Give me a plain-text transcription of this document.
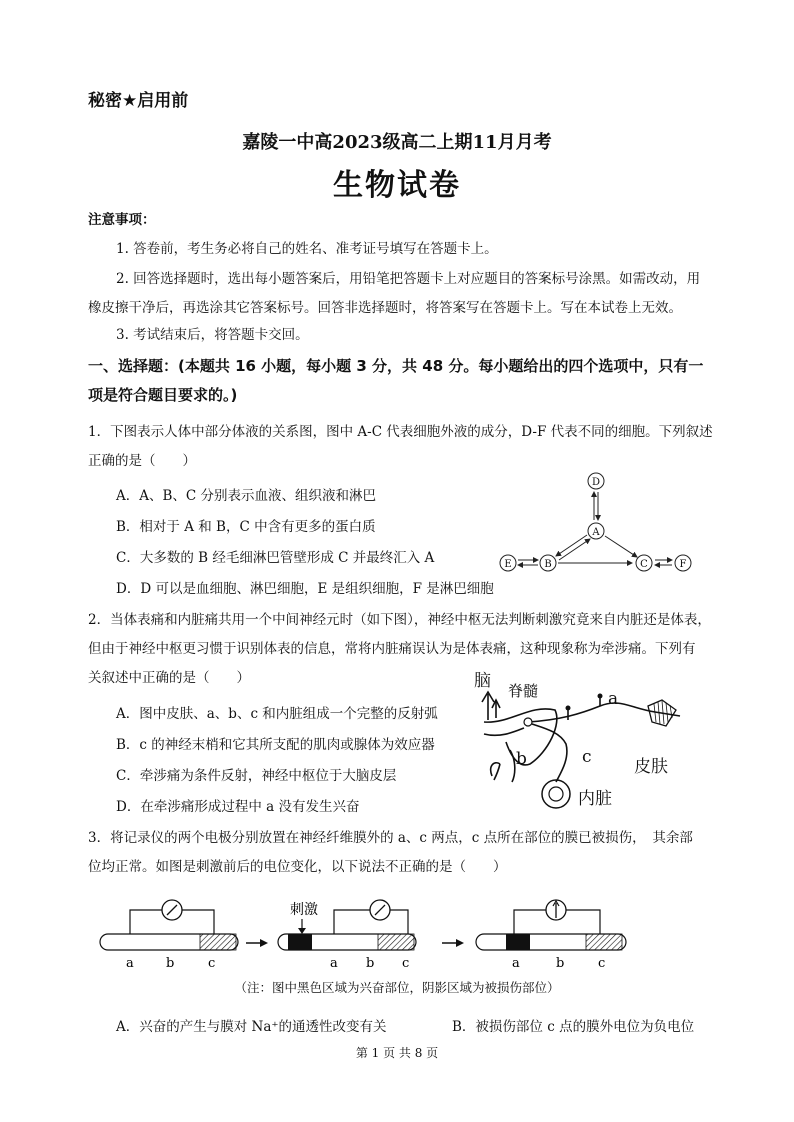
秘密★启用前
嘉陵一中高2023级高二上期11月月考
生物试卷
注意事项：
1. 答卷前，考生务必将自己的姓名、准考证号填写在答题卡上。
2. 回答选择题时，选出每小题答案后，用铅笔把答题卡上对应题目的答案标号涂黑。如需改动，用
橡皮擦干净后，再选涂其它答案标号。回答非选择题时，将答案写在答题卡上。写在本试卷上无效。
3. 考试结束后，将答题卡交回。
一、选择题：(本题共 16 小题，每小题 3 分，共 48 分。每小题给出的四个选项中，只有一
项是符合题目要求的。)
1．下图表示人体中部分体液的关系图，图中 A-C 代表细胞外液的成分，D-F 代表不同的细胞。下列叙述
正确的是（　　）
A．A、B、C 分别表示血液、组织液和淋巴
B．相对于 A 和 B，C 中含有更多的蛋白质
C．大多数的 B 经毛细淋巴管壁形成 C 并最终汇入 A
D．D 可以是血细胞、淋巴细胞，E 是组织细胞，F 是淋巴细胞
D
A
E	B	C	F
2．当体表痛和内脏痛共用一个中间神经元时（如下图），神经中枢无法判断刺激究竟来自内脏还是体表，
但由于神经中枢更习惯于识别体表的信息，常将内脏痛误认为是体表痛，这种现象称为牵涉痛。下列有
关叙述中正确的是（　　）
A．图中皮肤、a、b、c 和内脏组成一个完整的反射弧
B．c 的神经末梢和它其所支配的肌肉或腺体为效应器
C．牵涉痛为条件反射，神经中枢位于大脑皮层
D．在牵涉痛形成过程中 a 没有发生兴奋
脑 脊髓	a
b	c 皮肤
内脏
3．将记录仪的两个电极分别放置在神经纤维膜外的 a、c 两点，c 点所在部位的膜已被损伤，　其余部
位均正常。如图是刺激前后的电位变化，以下说法不正确的是（　　）
a b	c
刺激
a b c	a	b	c
（注：图中黑色区域为兴奋部位，阴影区域为被损伤部位）
A．兴奋的产生与膜对 Na⁺的通透性改变有关	B．被损伤部位 c 点的膜外电位为负电位
第 1 页 共 8 页
